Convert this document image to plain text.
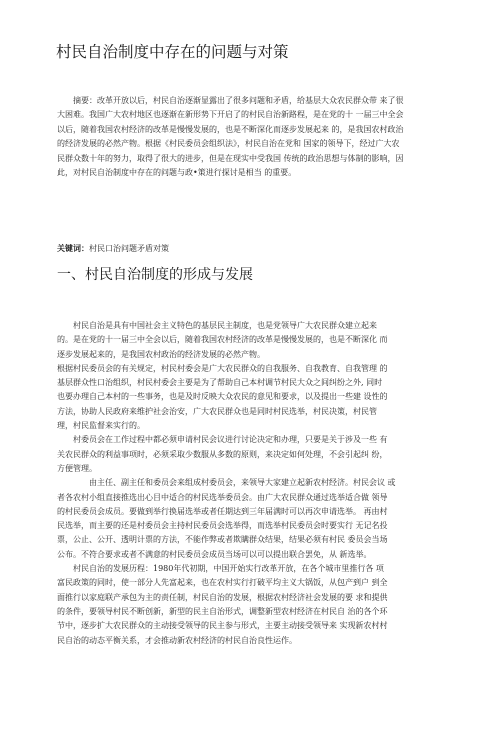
村民自治制度中存在的问题与对策
　　摘要：改革开放以后，村民自治逐渐显露出了很多问题和矛盾，给基层大众农民群众带 来了很
大困难。我国广大农村地区也逐渐在新形势下开启了的村民自治新路程，是在党的十 一届三中全会
以后，随着我国农村经济的改革是慢慢发展的，也是不断深化而逐步发展起来 的，是我国农村政治
的经济发展的必然产物。根据《村民委员会组织法》，村民自治在党和 国家的领导下，经过广大农
民群众数十年的努力，取得了很大的进步，但是在现实中受我国 传统的政治思想与体制的影响，因
此，对村民自治制度中存在的问题与政•策进行探讨是相当 的重要。
关键词：村民口治问题矛盾对策
一、村民自治制度的形成与发展
　　村民自治是具有中国社会主义特色的基层民主制度，也是党领导广大农民群众建立起来
的。是在党的十一届三中全会以后，随着我国农村经济的改革是慢慢发展的，也是不断深化 而
逐步发展起来的，是我国农村政治的经济发展的必然产物。
根据村民委员会的有关规定，村民村委会是广大农民群众的自我服务、自我教育、自我管理 的
基层群众性口治组织，村民村委会主要是为了帮助自己本村调节村民大众之间纠纷之外, 同时
也要办理自己本村的一些事务，也是及时反映大众农民的意见和要求，以及提出一些建 设性的
方法，协助人民政府来维护社会治安，广大农民群众也是同时村民选举，村民决策，村民管
理，村民监督来实行的。
　　村委员会在工作过程中都必须申请村民会议进行讨论决定和办理，只要是关于涉及一些 有
关农民群众的利益事项时，必须采取少数服从多数的原则，来决定如何处理，不会引起纠 纷，
方便管理。
　　　　由主任、副主任和委员会来组成村委员会，来领导大家建立起新农村经济。村民会议 或
者各农村小组直接推选出心目中适合的村民选举委员会。由广大农民群众通过选举适合做 领导
的村民委员会成员。要做到举行换届选举或者任期达到三年届满时可以再次申请选举。 再由村
民选举，而主要的还是村委员会主持村民委员会选举得，而选举村民委员会时要实行 无记名投
票，公止、公开、透明计票的方法，不能作弊或者欺瞒群众结果，结果必须有村民 委员会当场
公布。不符合要求或者不满意的村民委员会成员当场可以可以提出联合罢免，从 新选举。
　　村民自治的发展历程：1980年代初期，中国开始实行改革开放，在各个城市里推行各 项
富民政策的同时，使一部分人先富起来，也在农村实行打破平均主义大锅饭，从包产到户 到全
面推行以家庭联产承包为主的责任制，村民自治的发展，根据农村经济社会发展的要 求和提供
的条件，要领导村民不断创新，新型的民主自治形式，调整新型农村经济在村民自 治的各个环
节中，逐步扩大农民群众的主动接受领导的民主参与形式，主要主动接受领导来 实现新农村村
民自治的动态平衡关系，才会推动新农村经济的村民自治良性运作。
